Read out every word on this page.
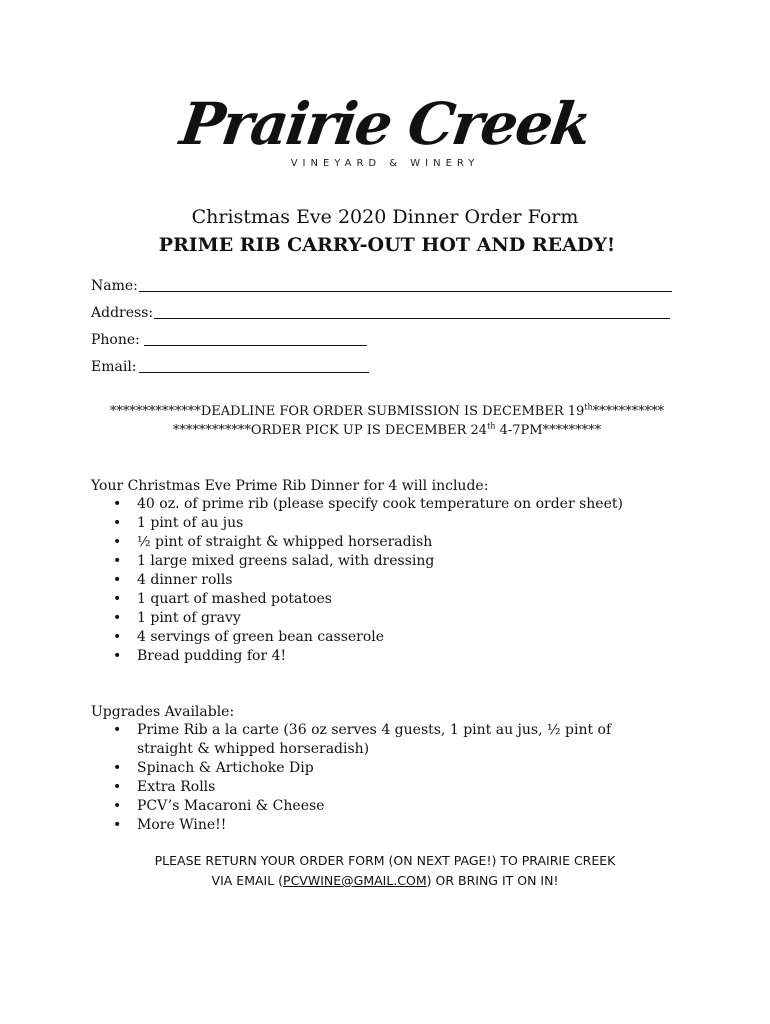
Prairie Creek
VINEYARD & WINERY
Christmas Eve 2020 Dinner Order Form
PRIME RIB CARRY-OUT HOT AND READY!
Name:
Address:
Phone:
Email:
**************DEADLINE FOR ORDER SUBMISSION IS DECEMBER 19th***********
************ORDER PICK UP IS DECEMBER 24th 4-7PM*********
Your Christmas Eve Prime Rib Dinner for 4 will include:
• 40 oz. of prime rib (please specify cook temperature on order sheet)
• 1 pint of au jus
• ½ pint of straight & whipped horseradish
• 1 large mixed greens salad, with dressing
• 4 dinner rolls
• 1 quart of mashed potatoes
• 1 pint of gravy
• 4 servings of green bean casserole
• Bread pudding for 4!
Upgrades Available:
• Prime Rib a la carte (36 oz serves 4 guests, 1 pint au jus, ½ pint of straight & whipped horseradish)
• Spinach & Artichoke Dip
• Extra Rolls
• PCV’s Macaroni & Cheese
• More Wine!!
PLEASE RETURN YOUR ORDER FORM (ON NEXT PAGE!) TO PRAIRIE CREEK
VIA EMAIL (PCVWINE@GMAIL.COM) OR BRING IT ON IN!
